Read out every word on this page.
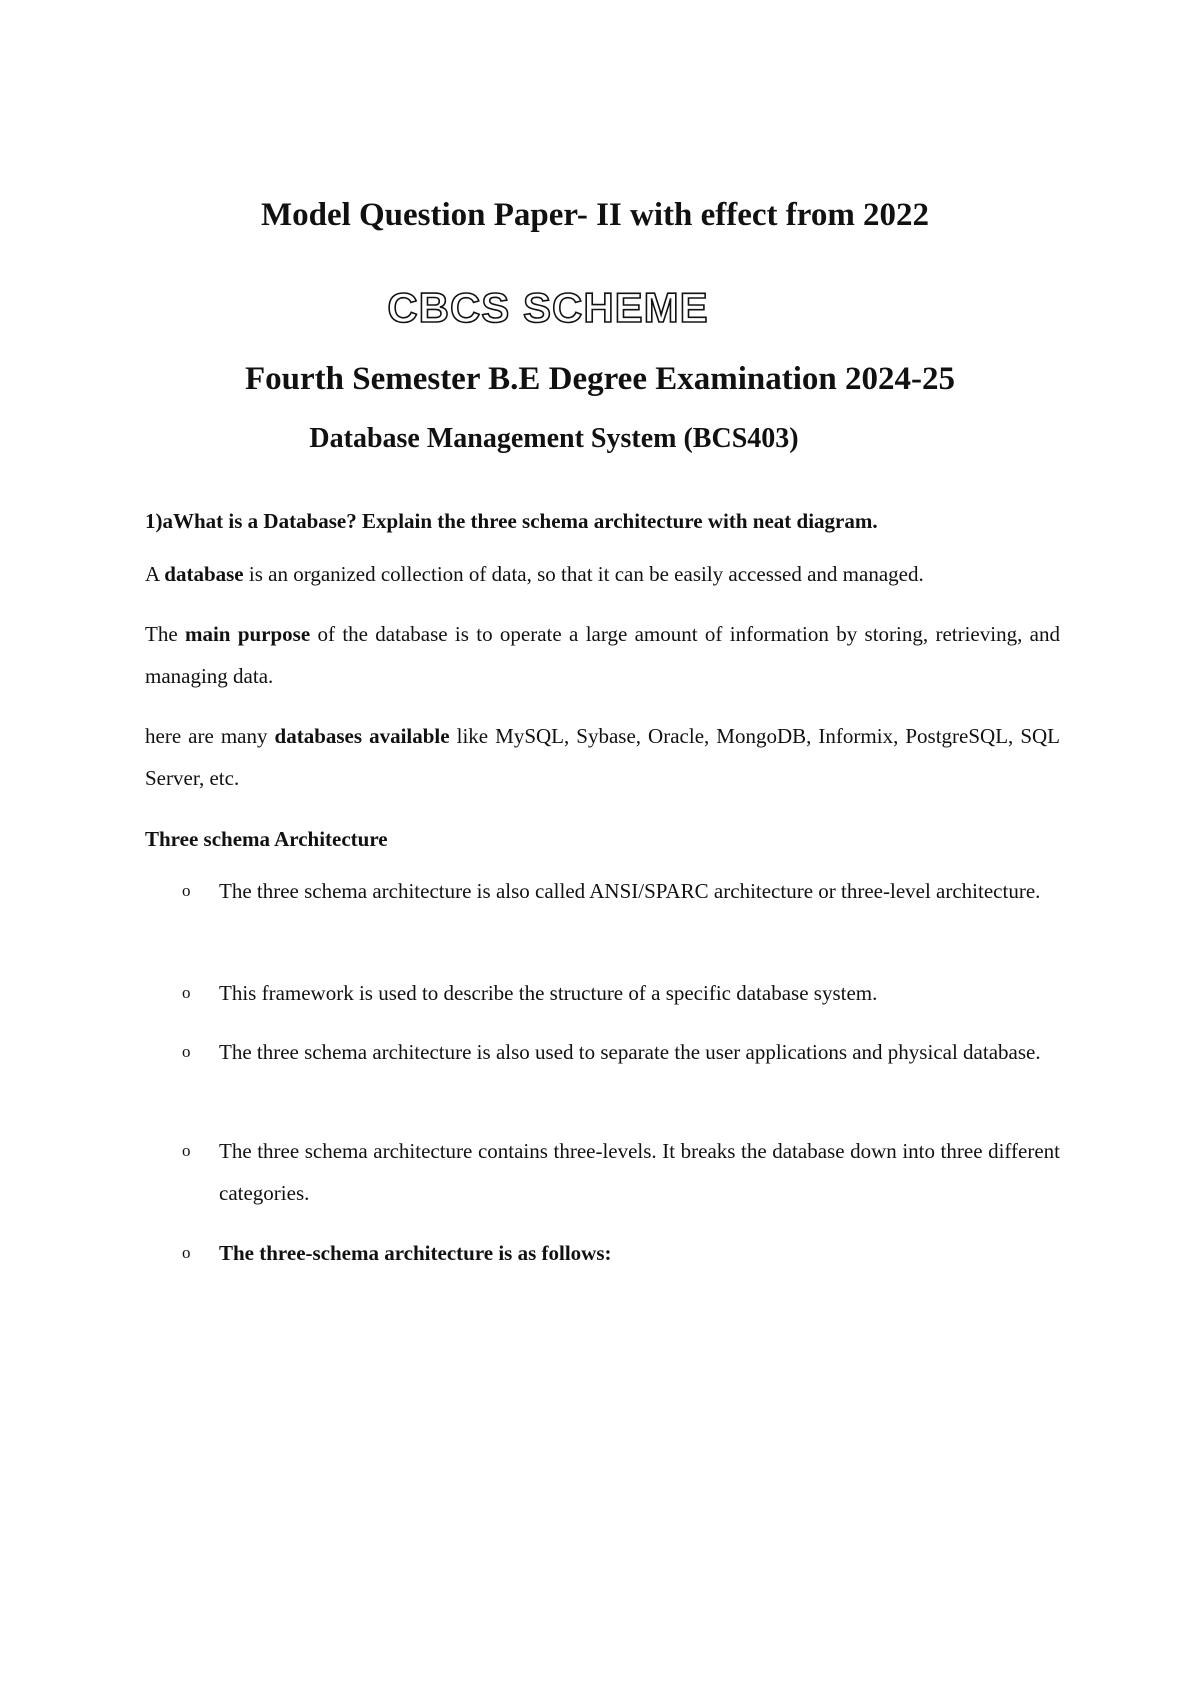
Model Question Paper- II with effect from 2022
CBCS SCHEME
Fourth Semester B.E Degree Examination 2024-25
Database Management System (BCS403)
1)aWhat is a Database? Explain the three schema architecture with neat diagram.
A database is an organized collection of data, so that it can be easily accessed and managed.
The main purpose of the database is to operate a large amount of information by storing, retrieving, and managing data.
here are many databases available like MySQL, Sybase, Oracle, MongoDB, Informix, PostgreSQL, SQL Server, etc.
Three schema Architecture
o The three schema architecture is also called ANSI/SPARC architecture or three-level architecture.
o This framework is used to describe the structure of a specific database system.
o The three schema architecture is also used to separate the user applications and physical database.
o The three schema architecture contains three-levels. It breaks the database down into three different categories.
o The three-schema architecture is as follows:
